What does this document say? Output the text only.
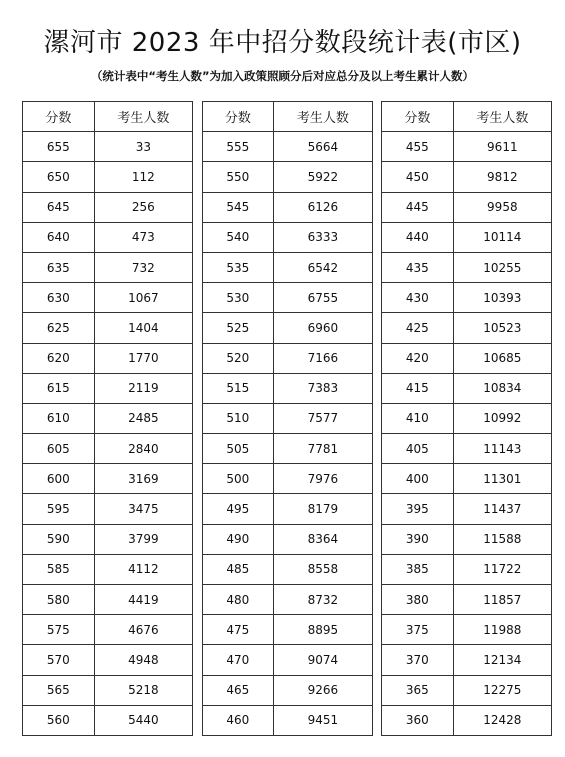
漯河市 2023 年中招分数段统计表(市区)
（统计表中“考生人数”为加入政策照顾分后对应总分及以上考生累计人数）
分数	考生人数
655	33
650	112
645	256
640	473
635	732
630	1067
625	1404
620	1770
615	2119
610	2485
605	2840
600	3169
595	3475
590	3799
585	4112
580	4419
575	4676
570	4948
565	5218
560	5440
分数	考生人数
555	5664
550	5922
545	6126
540	6333
535	6542
530	6755
525	6960
520	7166
515	7383
510	7577
505	7781
500	7976
495	8179
490	8364
485	8558
480	8732
475	8895
470	9074
465	9266
460	9451
分数	考生人数
455	9611
450	9812
445	9958
440	10114
435	10255
430	10393
425	10523
420	10685
415	10834
410	10992
405	11143
400	11301
395	11437
390	11588
385	11722
380	11857
375	11988
370	12134
365	12275
360	12428
